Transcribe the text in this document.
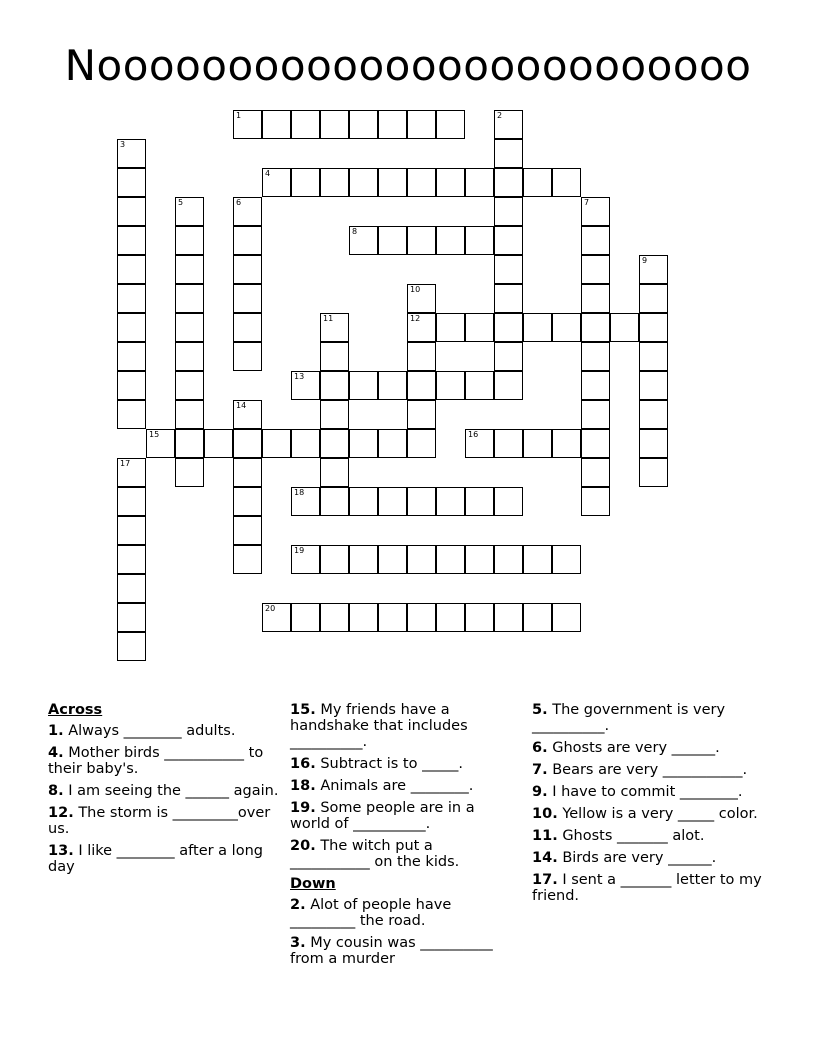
Nooooooooooooooooooooooooo
1	2
3
4
5	6	7
8
9
10
12
11
13
14
15	16
17
18
19
20
Across
1. Always ________ adults.
4. Mother birds ___________ to their baby's.
8. I am seeing the ______ again.
12. The storm is _________over us.
13. I like ________ after a long day
15. My friends have a handshake that includes __________.
16. Subtract is to _____.
18. Animals are ________.
19. Some people are in a world of __________.
20. The witch put a ___________ on the kids.
Down
2. Alot of people have _________ the road.
3. My cousin was __________ from a murder
5. The government is very __________.
6. Ghosts are very ______.
7. Bears are very ___________.
9. I have to commit ________.
10. Yellow is a very _____ color.
11. Ghosts _______ alot.
14. Birds are very ______.
17. I sent a _______ letter to my friend.
